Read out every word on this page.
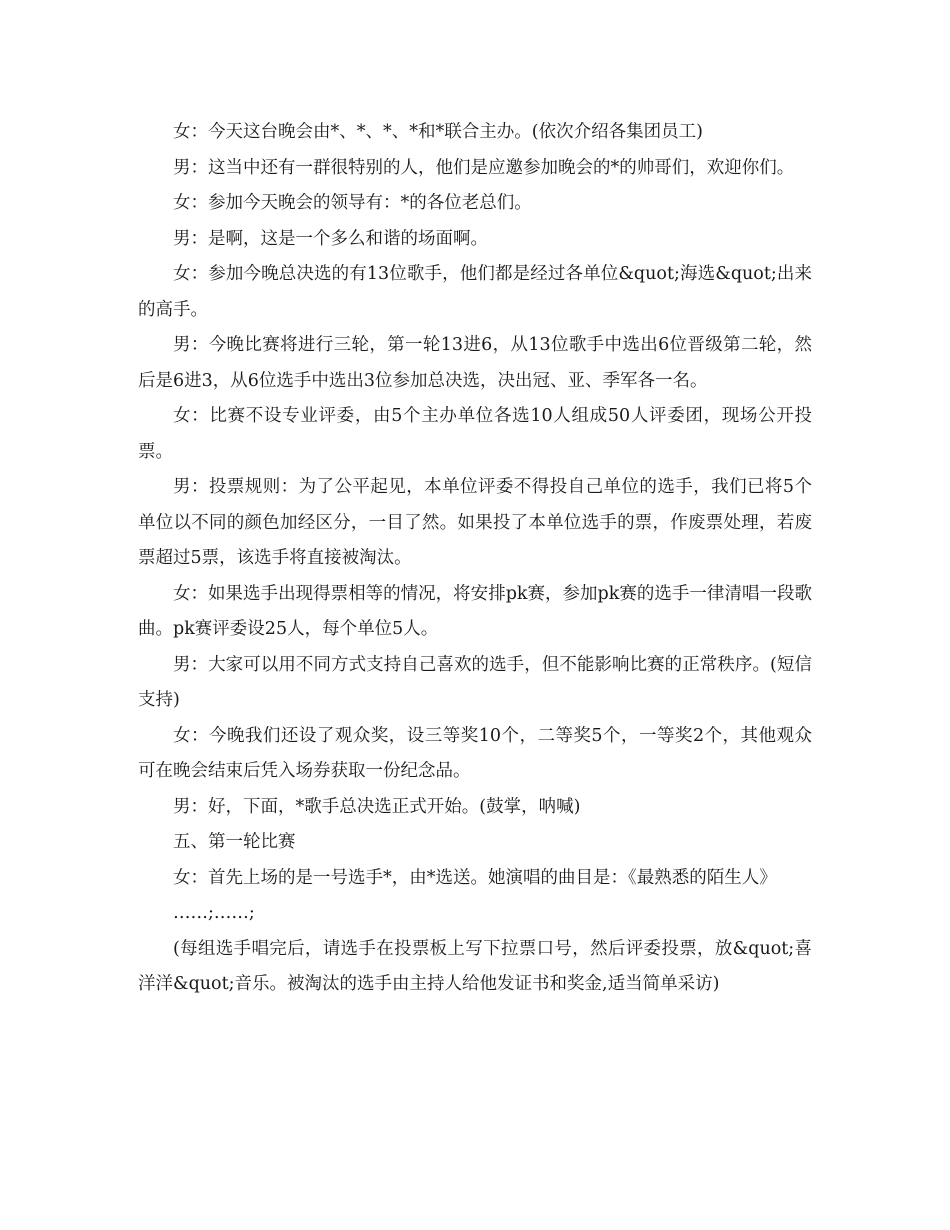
女：今天这台晚会由*、*、*、*和*联合主办。(依次介绍各集团员工)

男：这当中还有一群很特别的人，他们是应邀参加晚会的*的帅哥们，欢迎你们。

女：参加今天晚会的领导有：*的各位老总们。

男：是啊，这是一个多么和谐的场面啊。

女：参加今晚总决选的有13位歌手，他们都是经过各单位&quot;海选&quot;出来的高手。

男：今晚比赛将进行三轮，第一轮13进6，从13位歌手中选出6位晋级第二轮，然后是6进3，从6位选手中选出3位参加总决选，决出冠、亚、季军各一名。

女：比赛不设专业评委，由5个主办单位各选10人组成50人评委团，现场公开投票。

男：投票规则：为了公平起见，本单位评委不得投自己单位的选手，我们已将5个单位以不同的颜色加经区分，一目了然。如果投了本单位选手的票，作废票处理，若废票超过5票，该选手将直接被淘汰。

女：如果选手出现得票相等的情况，将安排pk赛，参加pk赛的选手一律清唱一段歌曲。pk赛评委设25人，每个单位5人。

男：大家可以用不同方式支持自己喜欢的选手，但不能影响比赛的正常秩序。(短信支持)

女：今晚我们还设了观众奖，设三等奖10个，二等奖5个，一等奖2个，其他观众可在晚会结束后凭入场券获取一份纪念品。

男：好，下面，*歌手总决选正式开始。(鼓掌，呐喊)

五、第一轮比赛

女：首先上场的是一号选手*，由*选送。她演唱的曲目是：《最熟悉的陌生人》

……;……;

(每组选手唱完后，请选手在投票板上写下拉票口号，然后评委投票，放&quot;喜洋洋&quot;音乐。被淘汰的选手由主持人给他发证书和奖金,适当简单采访)
